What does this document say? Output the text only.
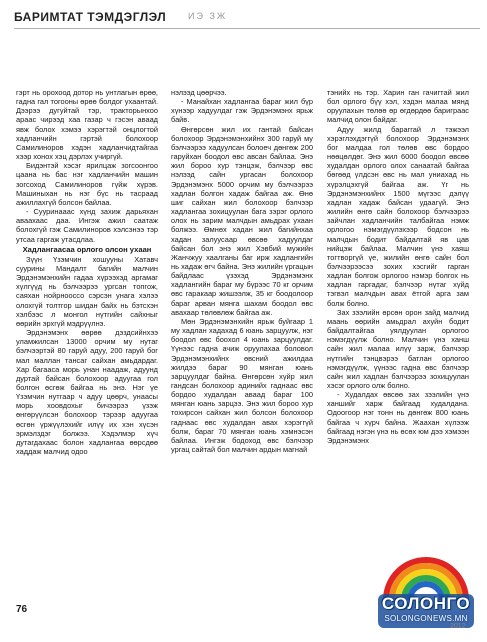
БАРИМТАТ ТЭМДЭГЛЭЛ ИЭ ЗЖ

гэрт нь орохоод дотор нь унтлагын өрөө, гадна гал тогооны өрөө болдог ухаантай. Дээрээ дугуйтай тэр, тракторынхоо араас чирээд хаа газар ч гэсэн аваад явж болох хэмээ хэрэгтэй онцлогтой хадланчийн гэртэй болохоор Самилиноров хэдэн хадланчидтайгаа хээр хонох хэц дэрлэх учиргүй.

Бидэнтэй хэсэг ярилцаж зогсоонгоо цаана нь бас нэг хадланчийн машин зогсоход Самилиноров гүйж хүрэв. Машиныхан нь нэг бүс нь тасраад ажиллахгүй болсон байлаа.

- Сууринааас хүнд захиж дарьяхан аваахаас даа. Ингэж ажил саатаж болохгүй гэж Самилиноров хэлсэнээ тэр утсаа гаргаж утасдлаа.

Хадлангаасаа орлого олсон ухаан

Зүүн Үзэмчин хошууны Хатавч суурины Мандалт багийн малчин Эрдэнэмэнхийн гадаа хүрээхэд аргамаг хүлгүүд нь бэлчээрээ ургсан топгож, саяхан нойрнооссо сэрсэн унага хэлээ олохгүй толтгор шидан байх нь бэтсхэн хэлбээс л монгол нүтгийн сайхныг өөрийн эрхгүй мэдрүүлнэ.

Эрдэнэмэнх өөрөө дэздсийнхээ уламжилсан 13000 орчим му нутаг бэлчээртэй 80 гаруй адуу, 200 гаруй бог мал маллан тансаг сайхан амьдардаг. Хар багааса морь унан наадаж, адуунд дуртай байсан болохоор адуугаа гол болгон өсгөж байгаа нь энэ. Нэг үе Үзэмчин нутгаар ч адуу цөөрч, унаасы морь хоовдохыг бичээрээ үзэж өнгөрүүлсэн болохоор тэрээр адуугаа өсгөн үржүүлэхийг илүү их хэн хүсэн эрмэлздэг болжээ. Хэдэлмэр хүч дутагдахаас болон хадлангаа өөрсдөө хаддаж малчид одоо

нэлээд цөөрчээ.

- Манайхан хадлангаа бараг жил бүр хүнээр хадуулдаг гэж Эрдэнэмэнх ярьж байв.

Өнгөрсөн жил их гантай байсан болохоор Эрдэнэмэнхийнх 300 гаруй му бэлчээрээ хадуулсан болоеч дөнгөж 200 гаруйхан боодол өвс авсан байлаа. Энэ жил бороо хур тэнцэж, бэлчээр өвс нэлээд сайн ургасан болохоор Эрдэнэмэнх 5000 орчим му бэлчээрээ хадлан болгон хадаж байгаа аж. Өнө шиг сайхан жил болохоор бэлчээр хадлангаа зохицуулан бага зэрэг орлого олох нь зарим малчдын амьдрах ухаан болжээ. Өмнөх хадан жил багийнхаа хадан залуусаар өвсөө хадуулдаг байсан бол энэ жил Хэвбий мужийн Жанчжуу хаалганы баг ирж хадлангийн нь хадаж өгч байна. Энэ жилийн үргацын байдлаас үзэхэд Эрдэнэмэнх хадлангийн бараг му бүрээс 70 кг орчим өвс гаракаар жишээлж, 35 кг боодолоор бараг арван мянга шахам боодол өвс авахаар төлөвлөж байгаа аж.

Мөн Эрдэнэмэнхийн ярьж буйгаар 1 му хадлан хадахад 6 юань зарцуулж, нэг боодол өвс боохол 4 юань зарцуулдаг. Үүнээс гадна ачиж оруулахаа боловол Эрдэнэмэнхийнх өвсний ажилдаа жилдээ бараг 90 мянган юань зарцуулдаг байна. Өнгөрсөн хүйр жил гандсан болохоор адинийх гаднаас өвс бордоо худалдан аваад бараг 100 мянган юань зарцээ. Энэ жил бороо хур тохирсон сайхан жил болсон болохоор гаднаас өвс худалдан авах хэрэггүй болж, бараг 70 мянган юань хэмнэсэн байлаа. Ингэж бодоход өвс бэлчээр ургац сайтай бол малчин ардын магнай

тэнийх нь тэр. Харин ган гачигтай жил бол орлого бүү хэл, хэдэн малаа мянд оруулахын төлөө өр өгдөрдөө бариграас малчид олон байдаг.

Адуу жилд бараггай л тэжээл хэрэглэхдэггүй болохоор Эрдэнэмэнх бог малдаа гол төлөв өвс бордоо нөөцөлдөг. Энэ жил 6000 боодол өвсөө худалдан орлого олох санаатай байгаа бөгөөд үлдсэн өвс нь мал униахад нь хүрэлцэхгүй байгаа аж. Үг нь Эрдэнэмэнхийнх 1500 мүгээс дэлүү хадлан хадаж байсан удаагүй. Энэ жилийн өнгө сайн болохоор бэлчээрээ зайчлан хадланчийн талбайгаа нэмж орлогоо нэмэгдүүлэхээр бодсон нь малчдын бодит байдалтай яв цав нийцэж байлаа. Малчин үнэ хаяш тогтворгүй үе, жилийн өнгө сайн бол бэлчээрээсээ зохих хэсгийг гарган хадлан болгож орлогоо нэмэр болгох нь хадлан гаргадаг, бэлчээр нүтаг хүйд тэгвэл малчдын авах ётгой арга зам болж болно.

Зах зээлийн өрсөн орон зайд малчид маань өөрийн амьдрал ахуйн бодит байдалтайгаа уялдуулан орлогоо нэмэгдүүлж болно. Малчин үнэ ханш сайн жил малаа илүү зарж, бэлчээр нүтгийн тэнцвэрээ батлан орлогоо нэмэгдүүлж, үүнээс гадна өвс бэлчээр сайн жил хадлан бэлчээрээ зохицуулан хэсэг орлого олж болно.

- Худалдах өвсөө зах зээлийн үнэ ханшийг харж байгаад худалдана. Одоогоор нэг тонн нь дөнгөж 800 юань байгаа ч хүрч байна. Жаахан хүлээж байгаад нэгэн үнэ нь өсөх юм дээ хэмээн Эрдэнэмэнх

76	СОЛОНГО
SOLONGONEWS.MN
2012
